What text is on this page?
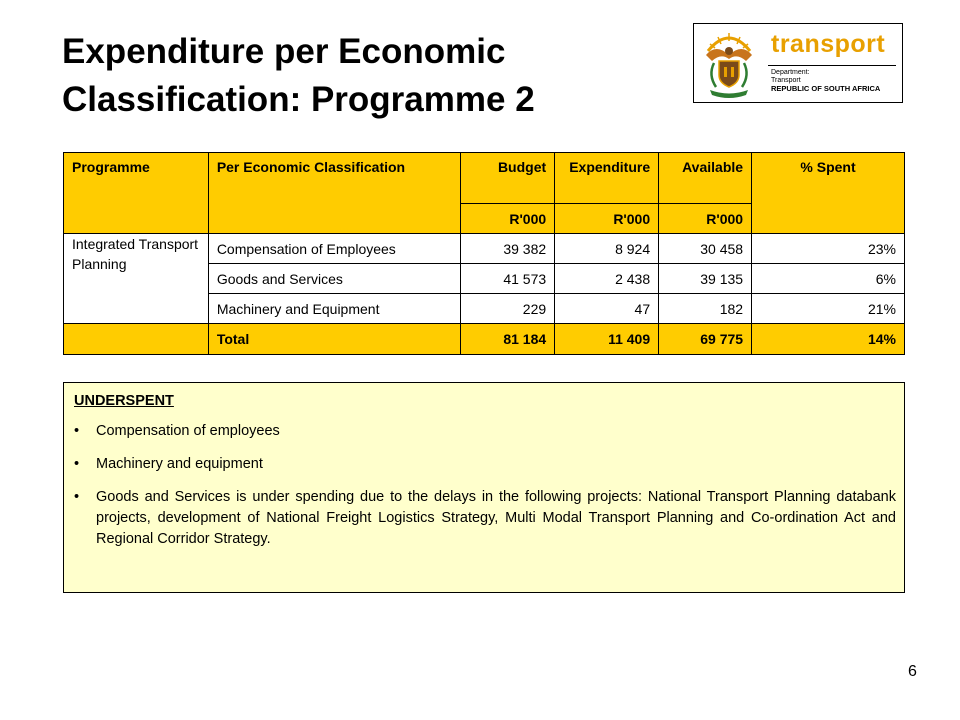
Expenditure per Economic
Classification: Programme 2
transport
Department:
Transport
REPUBLIC OF SOUTH AFRICA
Programme	Per Economic Classification	Budget	Expenditure	Available	% Spent
		R'000	R'000	R'000	
Integrated Transport Planning	Compensation of Employees	39 382	8 924	30 458	23%
	Goods and Services	41 573	2 438	39 135	6%
	Machinery and Equipment	229	47	182	21%
	Total	81 184	11 409	69 775	14%
UNDERSPENT
• Compensation of employees
• Machinery and equipment
• Goods and Services is under spending due to the delays in the following projects: National Transport Planning databank projects, development of National Freight Logistics Strategy, Multi Modal Transport Planning and Co-ordination Act and Regional Corridor Strategy.
6
